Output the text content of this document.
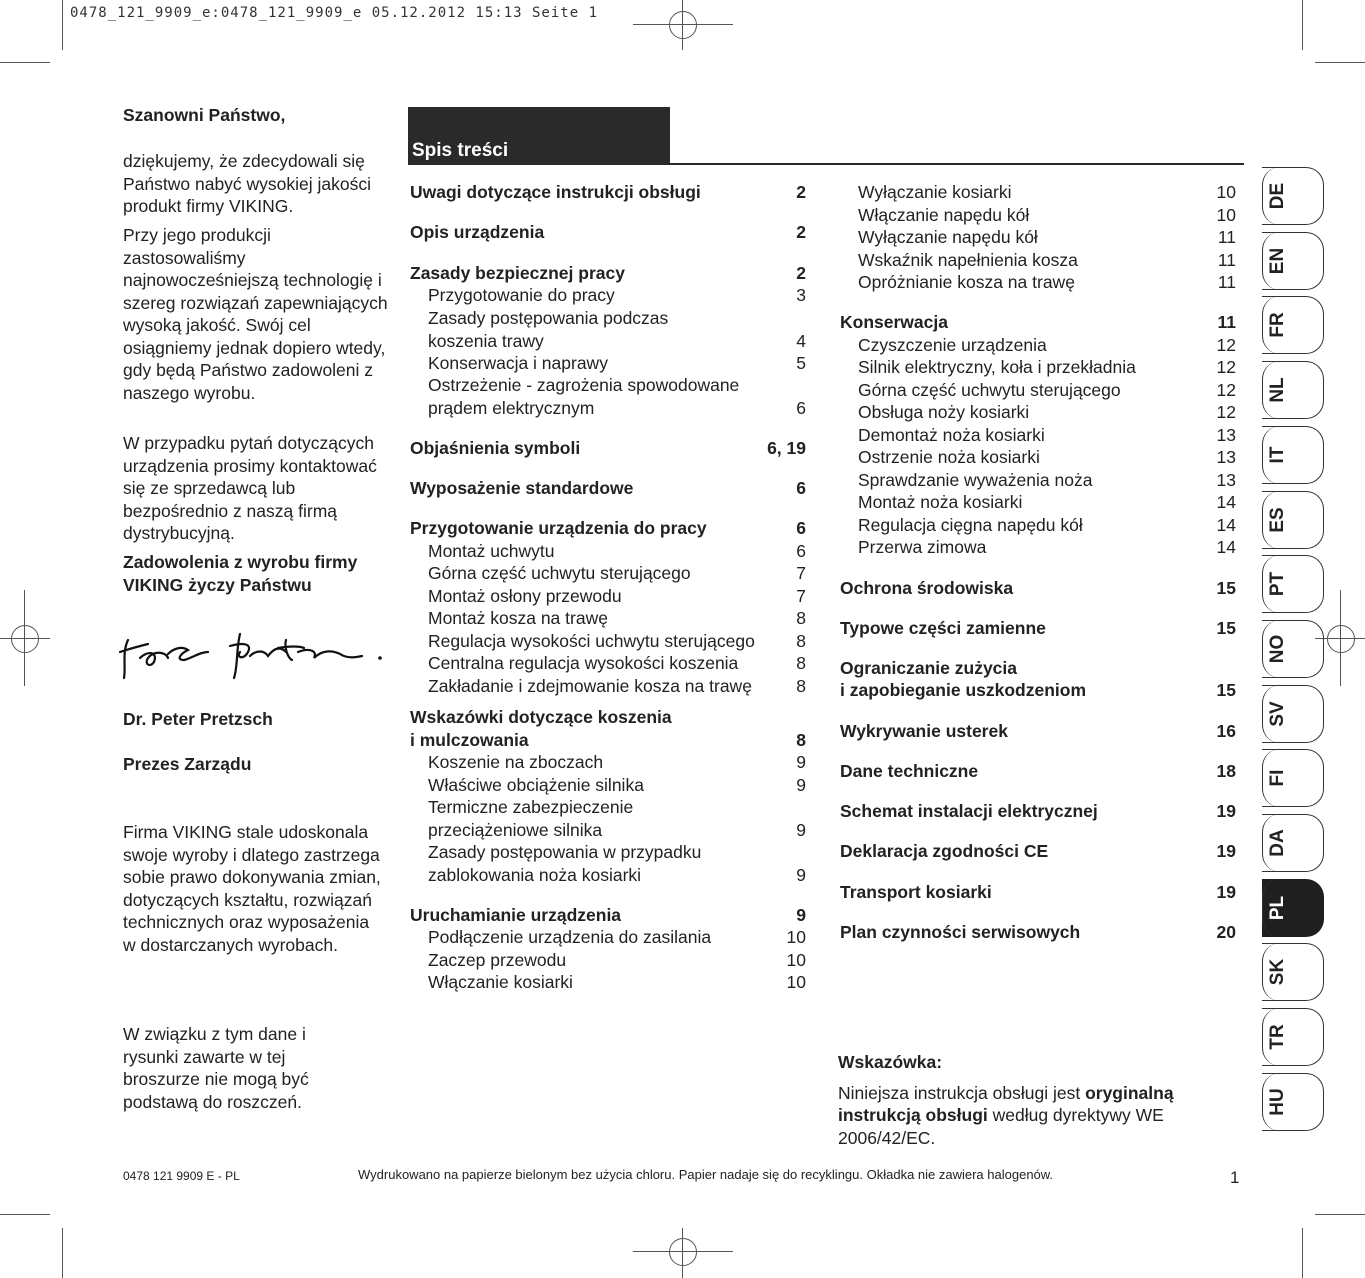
0478_121_9909_e:0478_121_9909_e 05.12.2012 15:13 Seite 1

Szanowni Państwo,

dziękujemy, że zdecydowali się Państwo nabyć wysokiej jakości produkt firmy VIKING.

Przy jego produkcji zastosowaliśmy najnowocześniejszą technologię i szereg rozwiązań zapewniających wysoką jakość. Swój cel osiągniemy jednak dopiero wtedy, gdy będą Państwo zadowoleni z naszego wyrobu.

W przypadku pytań dotyczących urządzenia prosimy kontaktować się ze sprzedawcą lub bezpośrednio z naszą firmą dystrybucyjną.

Zadowolenia z wyrobu firmy VIKING życzy Państwu

Dr. Peter Pretzsch

Prezes Zarządu

Firma VIKING stale udoskonala swoje wyroby i dlatego zastrzega sobie prawo dokonywania zmian, dotyczących kształtu, rozwiązań technicznych oraz wyposażenia w dostarczanych wyrobach.

W związku z tym dane i rysunki zawarte w tej broszurze nie mogą być podstawą do roszczeń.

Spis treści
Uwagi dotyczące instrukcji obsługi	2
Opis urządzenia	2
Zasady bezpiecznej pracy	2
Przygotowanie do pracy	3
Zasady postępowania podczas
koszenia trawy	4
Konserwacja i naprawy	5
Ostrzeżenie - zagrożenia spowodowane
prądem elektrycznym	6
Objaśnienia symboli	6, 19
Wyposażenie standardowe	6
Przygotowanie urządzenia do pracy	6
Montaż uchwytu	6
Górna część uchwytu sterującego	7
Montaż osłony przewodu	7
Montaż kosza na trawę	8
Regulacja wysokości uchwytu sterującego 8
Centralna regulacja wysokości koszenia	8
Zakładanie i zdejmowanie kosza na trawę	8
Wskazówki dotyczące koszenia
i mulczowania	8
Koszenie na zboczach	9
Właściwe obciążenie silnika	9
Termiczne zabezpieczenie
przeciążeniowe silnika	9
Zasady postępowania w przypadku
zablokowania noża kosiarki	9
Uruchamianie urządzenia	9
Podłączenie urządzenia do zasilania	10
Zaczep przewodu	10
Włączanie kosiarki	10
Wyłączanie kosiarki	10
Włączanie napędu kół	10
Wyłączanie napędu kół	11
Wskaźnik napełnienia kosza	11
Opróżnianie kosza na trawę	11
Konserwacja	11
Czyszczenie urządzenia	12
Silnik elektryczny, koła i przekładnia	12
Górna część uchwytu sterującego	12
Obsługa noży kosiarki	12
Demontaż noża kosiarki	13
Ostrzenie noża kosiarki	13
Sprawdzanie wyważenia noża	13
Montaż noża kosiarki	14
Regulacja cięgna napędu kół	14
Przerwa zimowa	14
Ochrona środowiska	15
Typowe części zamienne	15
Ograniczanie zużycia
i zapobieganie uszkodzeniom	15
Wykrywanie usterek	16
Dane techniczne	18
Schemat instalacji elektrycznej	19
Deklaracja zgodności CE	19
Transport kosiarki	19
Plan czynności serwisowych	20

Wskazówka:

Niniejsza instrukcja obsługi jest oryginalną instrukcją obsługi według dyrektywy WE 2006/42/EC.

0478 121 9909 E - PL	Wydrukowano na papierze bielonym bez użycia chloru. Papier nadaje się do recyklingu. Okładka nie zawiera halogenów.	1
DE
EN
FR
NL
IT
ES
PT
NO
SV
FI
DA
PL
SK
TR
HU
